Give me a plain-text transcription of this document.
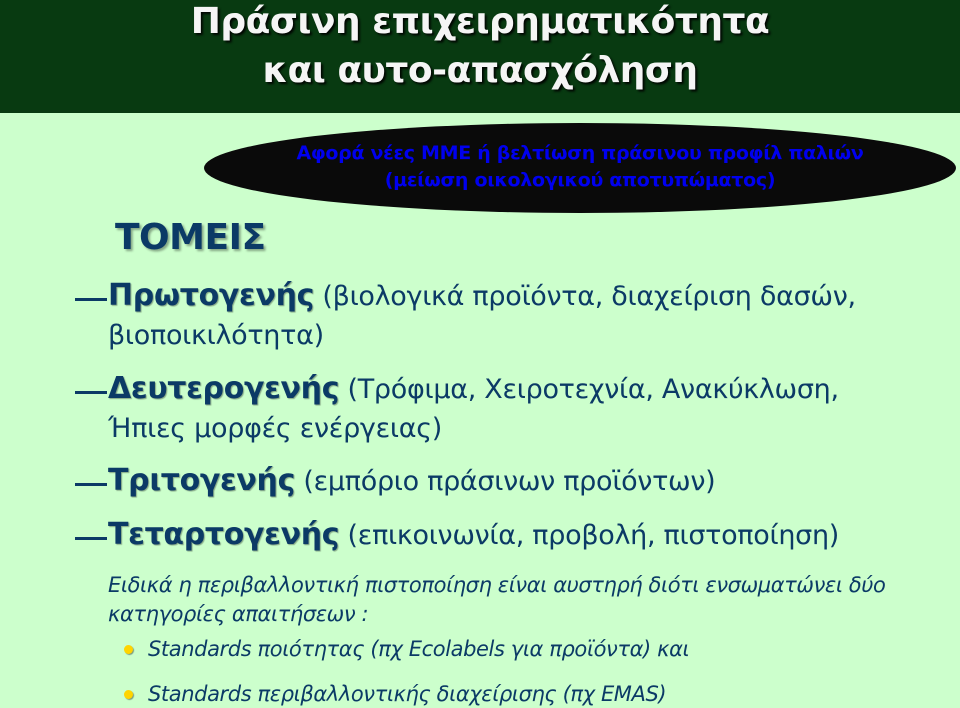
Πράσινη επιχειρηματικότητα
και αυτο-απασχόληση
Αφορά νέες ΜΜΕ ή βελτίωση πράσινου προφίλ παλιών
(μείωση οικολογικού αποτυπώματος)
ΤΟΜΕΙΣ
Πρωτογενής (βιολογικά προϊόντα, διαχείριση δασών,
βιοποικιλότητα)
Δευτερογενής (Τρόφιμα, Χειροτεχνία, Ανακύκλωση,
Ήπιες μορφές ενέργειας)
Τριτογενής (εμπόριο πράσινων προϊόντων)
Τεταρτογενής (επικοινωνία, προβολή, πιστοποίηση)
Ειδικά η περιβαλλοντική πιστοποίηση είναι αυστηρή διότι ενσωματώνει δύο
κατηγορίες απαιτήσεων :
Standards ποιότητας (πχ Ecolabels για προϊόντα) και
Standards περιβαλλοντικής διαχείρισης (πχ EMAS)
